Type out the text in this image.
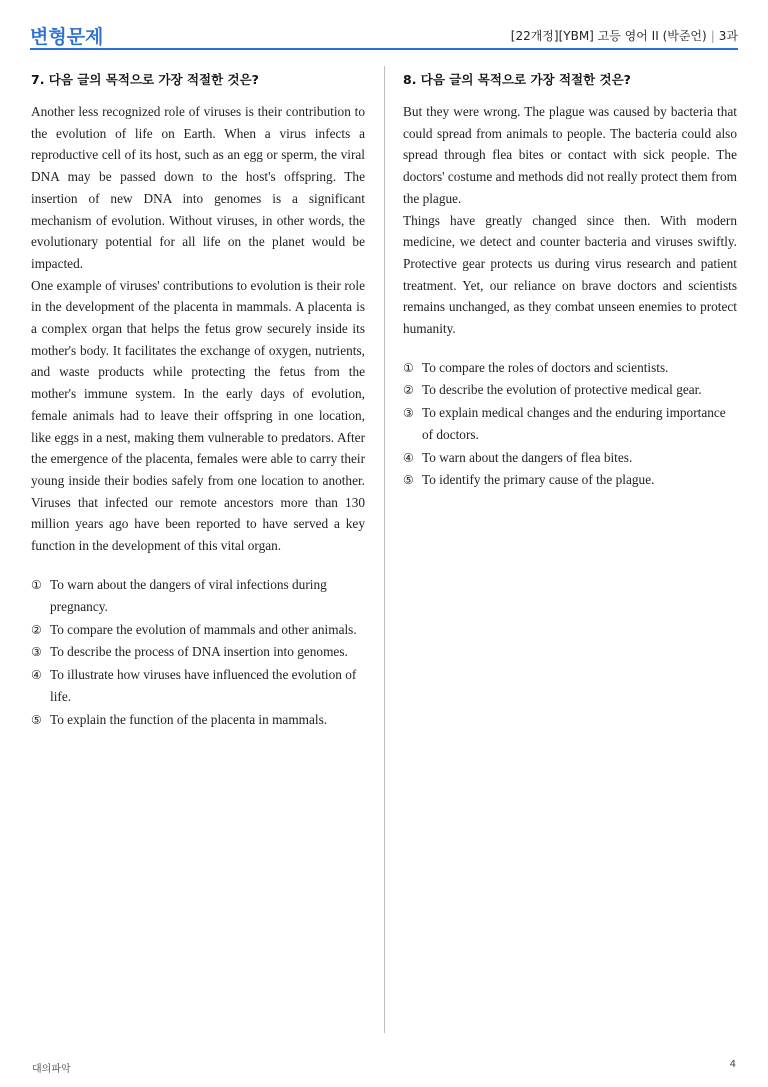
변형문제	[22개정][YBM] 고등 영어 II (박준언) | 3과
7. 다음 글의 목적으로 가장 적절한 것은?

Another less recognized role of viruses is their contribution to the evolution of life on Earth. When a virus infects a reproductive cell of its host, such as an egg or sperm, the viral DNA may be passed down to the host's offspring. The insertion of new DNA into genomes is a significant mechanism of evolution. Without viruses, in other words, the evolutionary potential for all life on the planet would be impacted.

One example of viruses' contributions to evolution is their role in the development of the placenta in mammals. A placenta is a complex organ that helps the fetus grow securely inside its mother's body. It facilitates the exchange of oxygen, nutrients, and waste products while protecting the fetus from the mother's immune system. In the early days of evolution, female animals had to leave their offspring in one location, like eggs in a nest, making them vulnerable to predators. After the emergence of the placenta, females were able to carry their young inside their bodies safely from one location to another. Viruses that infected our remote ancestors more than 130 million years ago have been reported to have served a key function in the development of this vital organ.

① To warn about the dangers of viral infections during pregnancy.
② To compare the evolution of mammals and other animals.
③ To describe the process of DNA insertion into genomes.
④ To illustrate how viruses have influenced the evolution of life.
⑤ To explain the function of the placenta in mammals.
8. 다음 글의 목적으로 가장 적절한 것은?

But they were wrong. The plague was caused by bacteria that could spread from animals to people. The bacteria could also spread through flea bites or contact with sick people. The doctors' costume and methods did not really protect them from the plague.

Things have greatly changed since then. With modern medicine, we detect and counter bacteria and viruses swiftly. Protective gear protects us during virus research and patient treatment. Yet, our reliance on brave doctors and scientists remains unchanged, as they combat unseen enemies to protect humanity.

① To compare the roles of doctors and scientists.
② To describe the evolution of protective medical gear.
③ To explain medical changes and the enduring importance of doctors.
④ To warn about the dangers of flea bites.
⑤ To identify the primary cause of the plague.
대의파악	4
